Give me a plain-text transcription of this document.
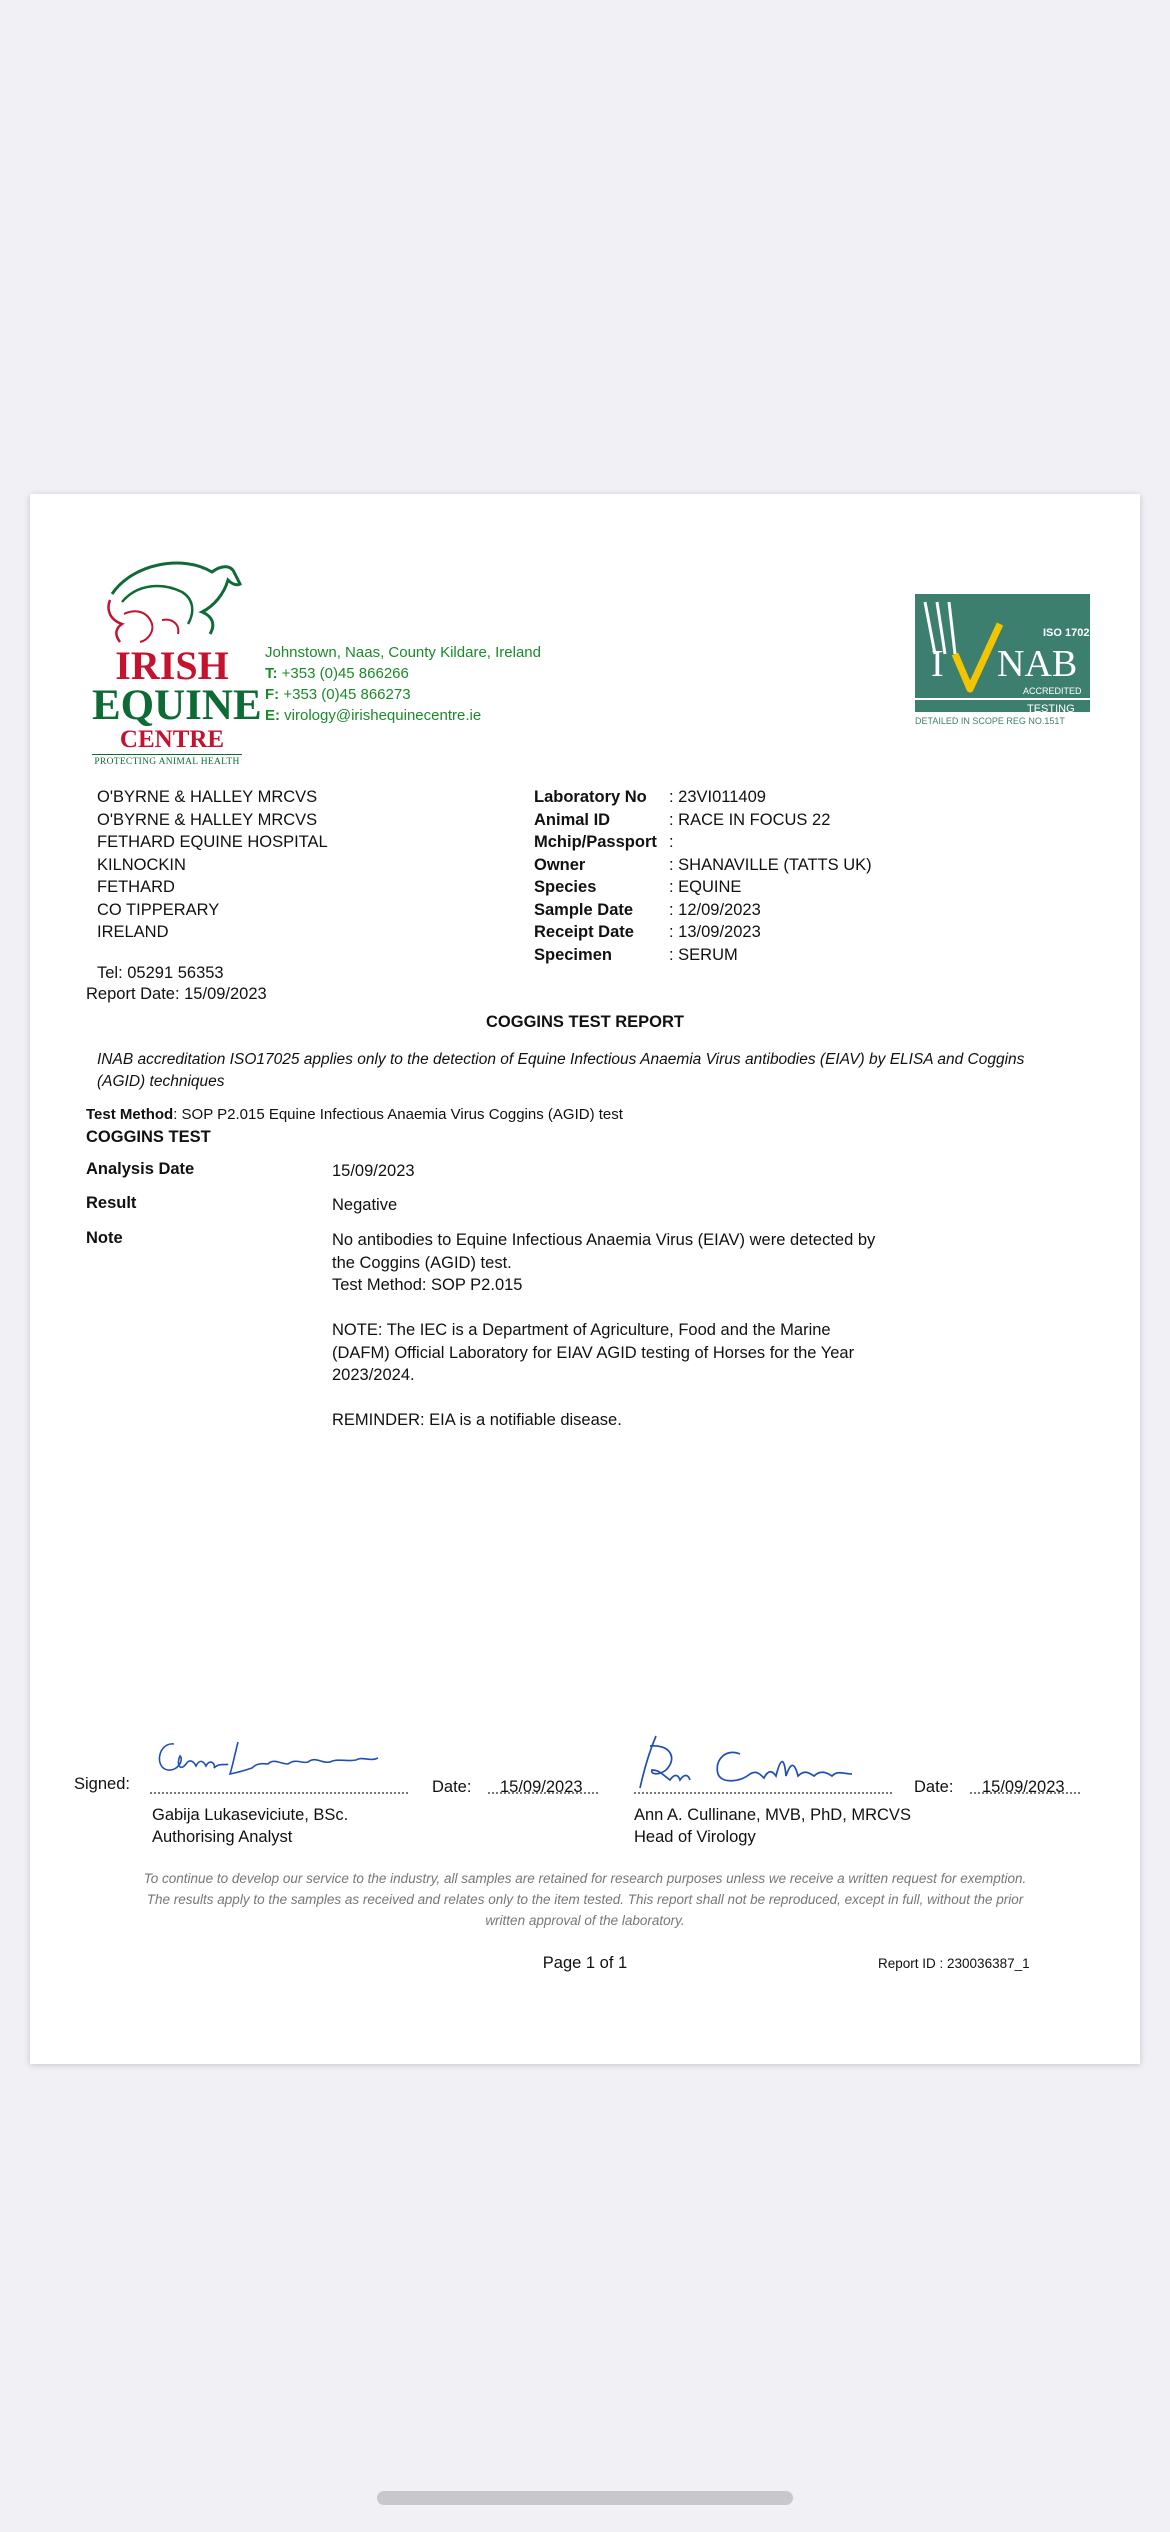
IRISH
EQUINE
CENTRE
PROTECTING ANIMAL HEALTH
Johnstown, Naas, County Kildare, Ireland
T: +353 (0)45 866266
F: +353 (0)45 866273
E: virology@irishequinecentre.ie
ISO 17025
I NAB
ACCREDITED
TESTING
DETAILED IN SCOPE REG NO.151T
O'BYRNE & HALLEY MRCVS
O'BYRNE & HALLEY MRCVS
FETHARD EQUINE HOSPITAL
KILNOCKIN
FETHARD
CO TIPPERARY
IRELAND
Tel: 05291 56353
Report Date: 15/09/2023
Laboratory No	: 23VI011409
Animal ID	: RACE IN FOCUS 22
Mchip/Passport :
Owner	: SHANAVILLE (TATTS UK)
Species	: EQUINE
Sample Date	: 12/09/2023
Receipt Date	: 13/09/2023
Specimen	: SERUM
COGGINS TEST REPORT
INAB accreditation ISO17025 applies only to the detection of Equine Infectious Anaemia Virus antibodies (EIAV) by ELISA and Coggins (AGID) techniques
Test Method: SOP P2.015 Equine Infectious Anaemia Virus Coggins (AGID) test
COGGINS TEST
Analysis Date	15/09/2023
Result	Negative
Note	No antibodies to Equine Infectious Anaemia Virus (EIAV) were detected by
the Coggins (AGID) test.
Test Method: SOP P2.015
NOTE: The IEC is a Department of Agriculture, Food and the Marine
(DAFM) Official Laboratory for EIAV AGID testing of Horses for the Year
2023/2024.
REMINDER: EIA is a notifiable disease.
Signed:	Date: 15/09/2023
Gabija Lukaseviciute, BSc.
Authorising Analyst
Date: 15/09/2023
Ann A. Cullinane, MVB, PhD, MRCVS
Head of Virology
To continue to develop our service to the industry, all samples are retained for research purposes unless we receive a written request for exemption.
The results apply to the samples as received and relates only to the item tested. This report shall not be reproduced, except in full, without the prior
written approval of the laboratory.
Page 1 of 1	Report ID : 230036387_1
